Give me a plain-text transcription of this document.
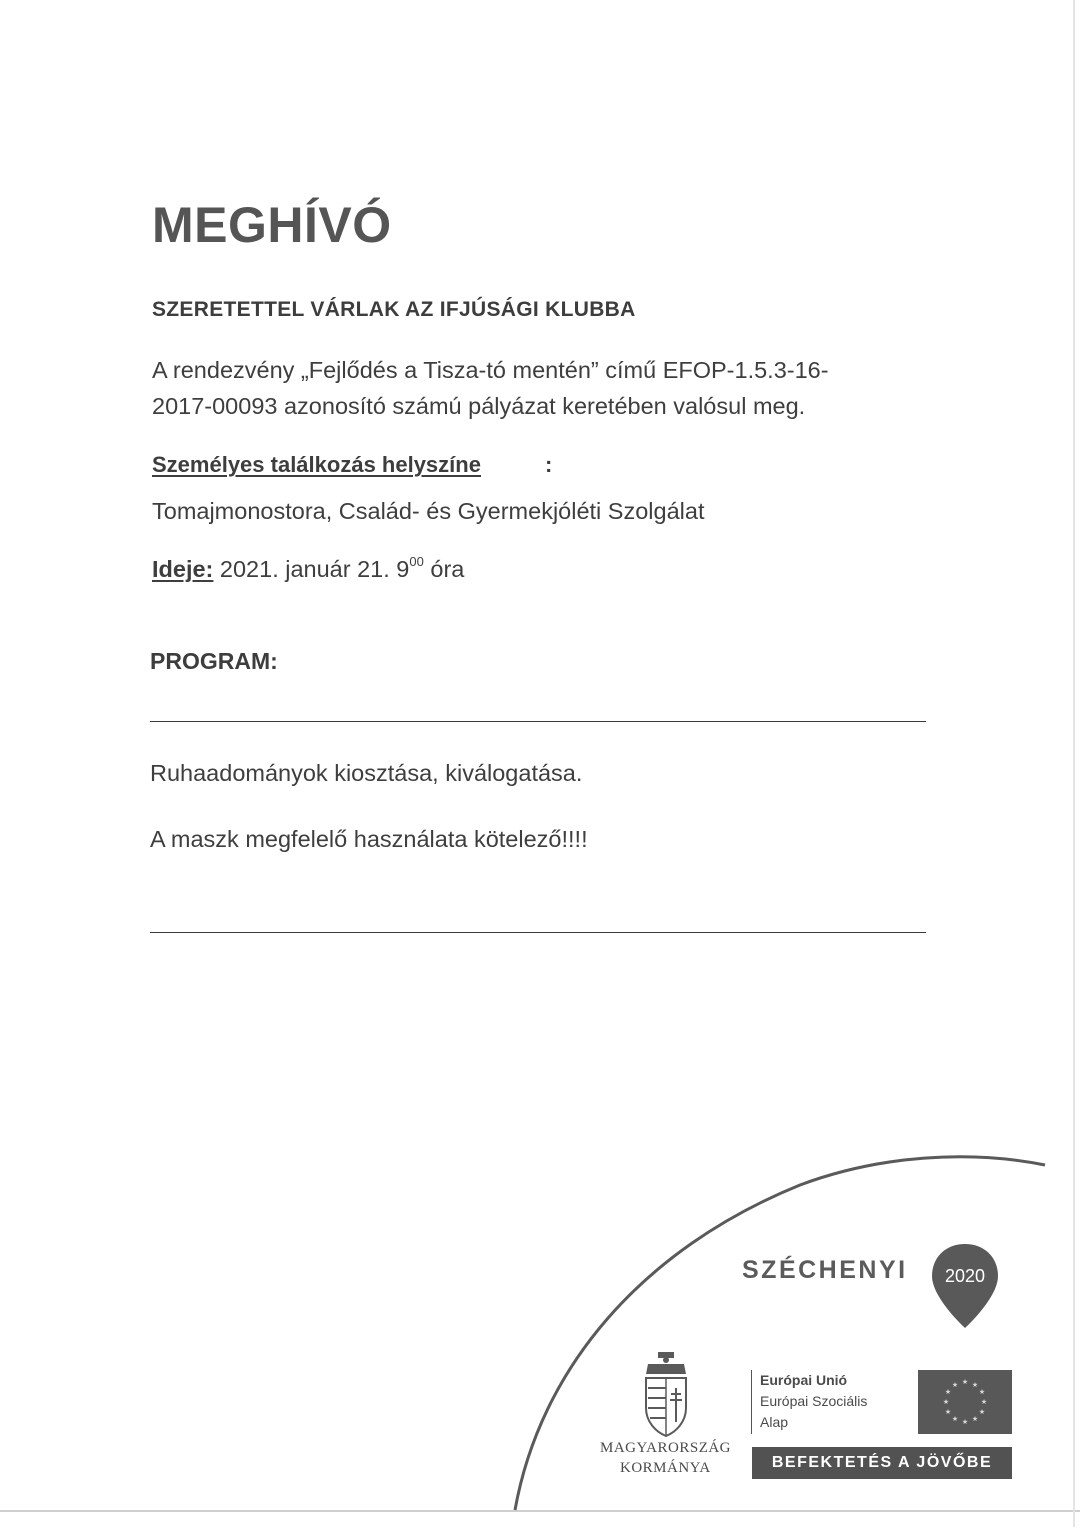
MEGHÍVÓ
SZERETETTEL VÁRLAK AZ IFJÚSÁGI KLUBBA
A rendezvény „Fejlődés a Tisza-tó mentén” című EFOP-1.5.3-16-
2017-00093 azonosító számú pályázat keretében valósul meg.
Személyes találkozás helyszíne	:
Tomajmonostora, Család- és Gyermekjóléti Szolgálat
Ideje: 2021. január 21. $9^{00}$ óra
PROGRAM:
Ruhaadományok kiosztása, kiválogatása.
A maszk megfelelő használata kötelező!!!!
SZÉCHENYI 2020
MAGYARORSZÁG
KORMÁNYA
Európai Unió
Európai Szociális
Alap
★ ★
★
★
★
★
★
★
★
★
★
★
BEFEKTETÉS A JÖVŐBE
